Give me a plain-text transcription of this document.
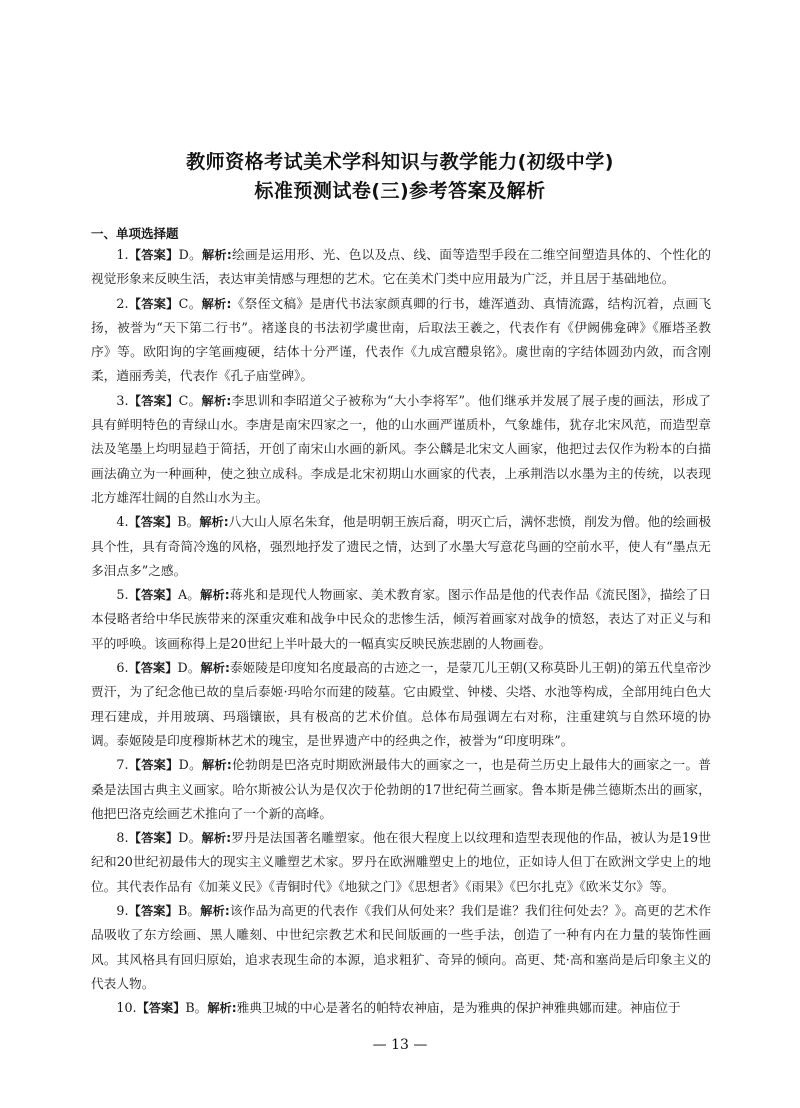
教师资格考试美术学科知识与教学能力(初级中学)
标准预测试卷(三)参考答案及解析
一、单项选择题

1.【答案】D。解析:绘画是运用形、光、色以及点、线、面等造型手段在二维空间塑造具体的、个性化的视觉形象来反映生活，表达审美情感与理想的艺术。它在美术门类中应用最为广泛，并且居于基础地位。

2.【答案】C。解析:《祭侄文稿》是唐代书法家颜真卿的行书，雄浑遒劲、真情流露，结构沉着，点画飞扬，被誉为“天下第二行书”。褚遂良的书法初学虞世南，后取法王羲之，代表作有《伊阙佛龛碑》《雁塔圣教序》等。欧阳询的字笔画瘦硬，结体十分严谨，代表作《九成宫醴泉铭》。虞世南的字结体圆劲内敛，而含刚柔，遒丽秀美，代表作《孔子庙堂碑》。

3.【答案】C。解析:李思训和李昭道父子被称为“大小李将军”。他们继承并发展了展子虔的画法，形成了具有鲜明特色的青绿山水。李唐是南宋四家之一，他的山水画严谨质朴，气象雄伟，犹存北宋风范，而造型章法及笔墨上均明显趋于简括，开创了南宋山水画的新风。李公麟是北宋文人画家，他把过去仅作为粉本的白描画法确立为一种画种，使之独立成科。李成是北宋初期山水画家的代表，上承荆浩以水墨为主的传统，以表现北方雄浑壮阔的自然山水为主。

4.【答案】B。解析:八大山人原名朱耷，他是明朝王族后裔，明灭亡后，满怀悲愤，削发为僧。他的绘画极具个性，具有奇简冷逸的风格，强烈地抒发了遗民之情，达到了水墨大写意花鸟画的空前水平，使人有“墨点无多泪点多”之感。

5.【答案】A。解析:蒋兆和是现代人物画家、美术教育家。图示作品是他的代表作品《流民图》，描绘了日本侵略者给中华民族带来的深重灾难和战争中民众的悲惨生活，倾泻着画家对战争的愤怒，表达了对正义与和平的呼唤。该画称得上是20世纪上半叶最大的一幅真实反映民族悲剧的人物画卷。

6.【答案】D。解析:泰姬陵是印度知名度最高的古迹之一，是蒙兀儿王朝(又称莫卧儿王朝)的第五代皇帝沙贾汗，为了纪念他已故的皇后泰姬·玛哈尔而建的陵墓。它由殿堂、钟楼、尖塔、水池等构成，全部用纯白色大理石建成，并用玻璃、玛瑙镶嵌，具有极高的艺术价值。总体布局强调左右对称，注重建筑与自然环境的协调。泰姬陵是印度穆斯林艺术的瑰宝，是世界遗产中的经典之作，被誉为“印度明珠”。

7.【答案】D。解析:伦勃朗是巴洛克时期欧洲最伟大的画家之一，也是荷兰历史上最伟大的画家之一。普桑是法国古典主义画家。哈尔斯被公认为是仅次于伦勃朗的17世纪荷兰画家。鲁本斯是佛兰德斯杰出的画家，他把巴洛克绘画艺术推向了一个新的高峰。

8.【答案】D。解析:罗丹是法国著名雕塑家。他在很大程度上以纹理和造型表现他的作品，被认为是19世纪和20世纪初最伟大的现实主义雕塑艺术家。罗丹在欧洲雕塑史上的地位，正如诗人但丁在欧洲文学史上的地位。其代表作品有《加莱义民》《青铜时代》《地狱之门》《思想者》《雨果》《巴尔扎克》《欧米艾尔》等。

9.【答案】B。解析:该作品为高更的代表作《我们从何处来？我们是谁？我们往何处去？》。高更的艺术作品吸收了东方绘画、黑人雕刻、中世纪宗教艺术和民间版画的一些手法，创造了一种有内在力量的装饰性画风。其风格具有回归原始，追求表现生命的本源，追求粗犷、奇异的倾向。高更、梵·高和塞尚是后印象主义的代表人物。

10.【答案】B。解析:雅典卫城的中心是著名的帕特农神庙，是为雅典的保护神雅典娜而建。神庙位于

— 13 —
